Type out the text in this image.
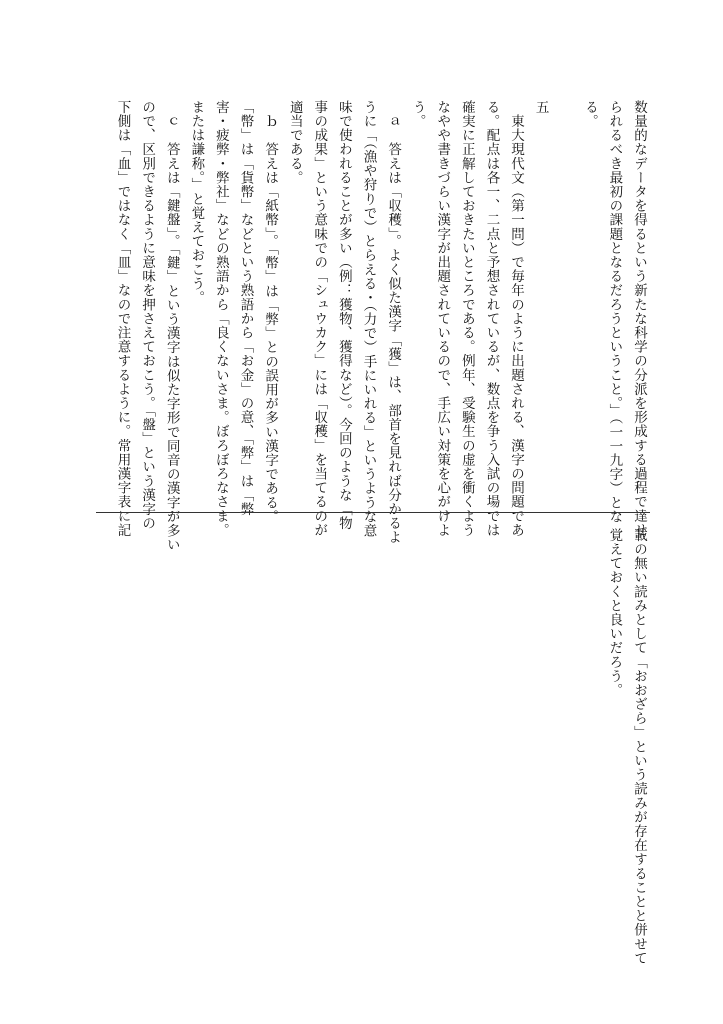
数量的なデータを得るという新たな科学の分派を形成する過程で達せ
られるべき最初の課題となるだろうということ。」（一一九字）とな
る。
五
　東大現代文（第一問）で毎年のように出題される、漢字の問題であ
る。配点は各一、二点と予想されているが、数点を争う入試の場では
確実に正解しておきたいところである。例年、受験生の虚を衝くよう
なやや書きづらい漢字が出題されているので、手広い対策を心がけよ
う。
　ａ　答えは「収穫」。よく似た漢字「獲」は、部首を見れば分かるよ
うに「（漁や狩りで）とらえる・（力で）手にいれる」というような意
味で使われることが多い（例：獲物、獲得など）。今回のような「物
事の成果」という意味での「シュウカク」には「収穫」を当てるのが
適当である。
　ｂ　答えは「紙幣」。「幣」は「弊」との誤用が多い漢字である。
「幣」は「貨幣」などという熟語から「お金」の意、「弊」は「弊
害・疲弊・弊社」などの熟語から「良くないさま。ぼろぼろなさま。
または謙称。」と覚えておこう。
　ｃ　答えは「鍵盤」。「鍵」という漢字は似た字形で同音の漢字が多い
ので、区別できるように意味を押さえておこう。「盤」という漢字の
下側は「血」ではなく「皿」なので注意するように。常用漢字表に記
載の無い読みとして「おおざら」という読みが存在することと併せて
覚えておくと良いだろう。
